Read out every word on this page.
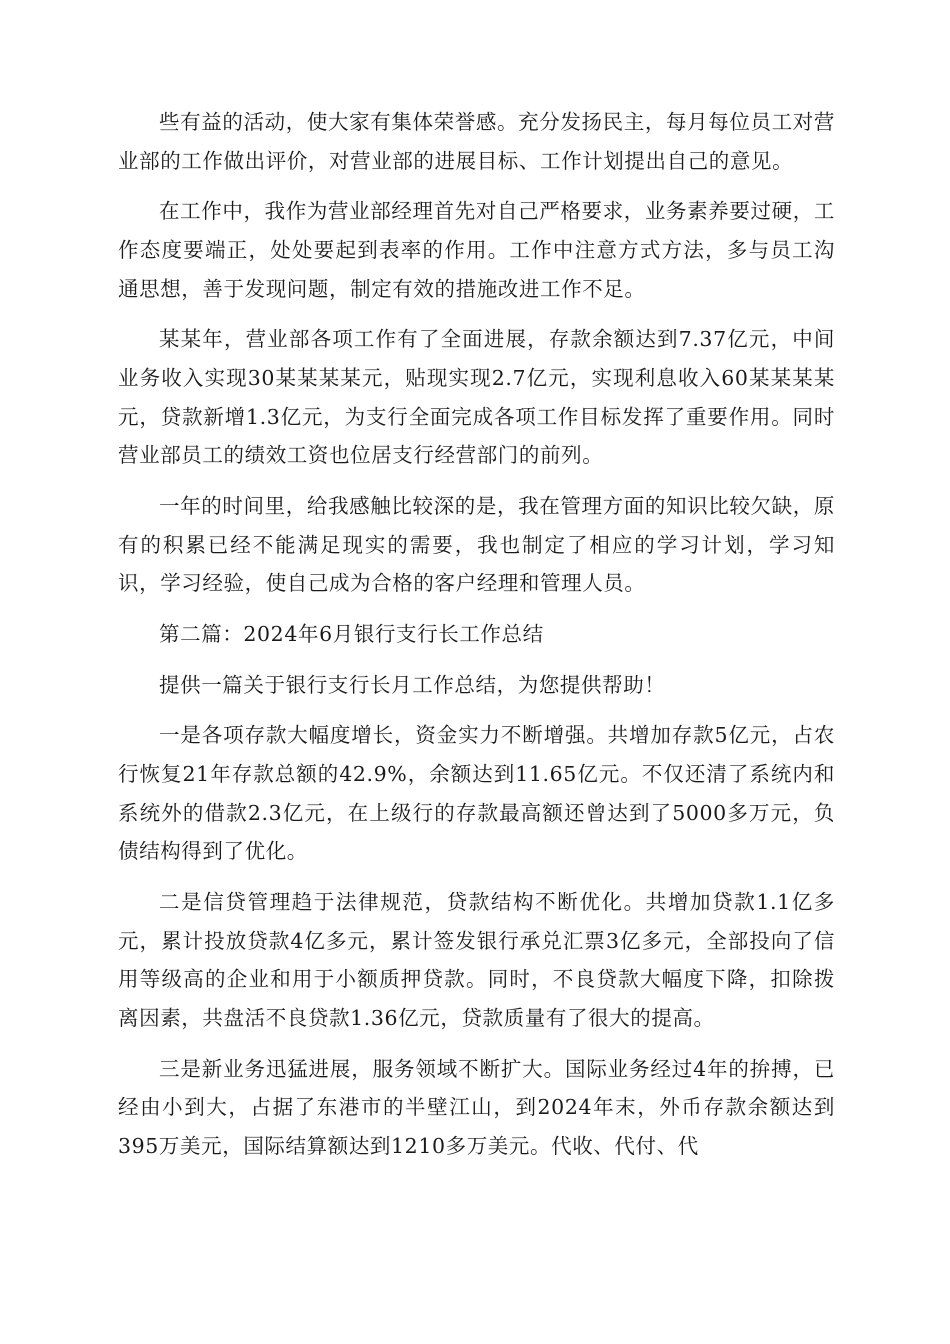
些有益的活动，使大家有集体荣誉感。充分发扬民主，每月每位员工对营业部的工作做出评价，对营业部的进展目标、工作计划提出自己的意见。

在工作中，我作为营业部经理首先对自己严格要求，业务素养要过硬，工作态度要端正，处处要起到表率的作用。工作中注意方式方法，多与员工沟通思想，善于发现问题，制定有效的措施改进工作不足。

某某年，营业部各项工作有了全面进展，存款余额达到7.37亿元，中间业务收入实现30某某某某元，贴现实现2.7亿元，实现利息收入60某某某某元，贷款新增1.3亿元，为支行全面完成各项工作目标发挥了重要作用。同时营业部员工的绩效工资也位居支行经营部门的前列。

一年的时间里，给我感触比较深的是，我在管理方面的知识比较欠缺，原有的积累已经不能满足现实的需要，我也制定了相应的学习计划，学习知识，学习经验，使自己成为合格的客户经理和管理人员。

第二篇：2024年6月银行支行长工作总结

提供一篇关于银行支行长月工作总结，为您提供帮助！

一是各项存款大幅度增长，资金实力不断增强。共增加存款5亿元，占农行恢复21年存款总额的42.9%，余额达到11.65亿元。不仅还清了系统内和系统外的借款2.3亿元，在上级行的存款最高额还曾达到了5000多万元，负债结构得到了优化。

二是信贷管理趋于法律规范，贷款结构不断优化。共增加贷款1.1亿多元，累计投放贷款4亿多元，累计签发银行承兑汇票3亿多元，全部投向了信用等级高的企业和用于小额质押贷款。同时，不良贷款大幅度下降，扣除拨离因素，共盘活不良贷款1.36亿元，贷款质量有了很大的提高。

三是新业务迅猛进展，服务领域不断扩大。国际业务经过4年的拚搏，已经由小到大，占据了东港市的半壁江山，到2024年末，外币存款余额达到395万美元，国际结算额达到1210多万美元。代收、代付、代
